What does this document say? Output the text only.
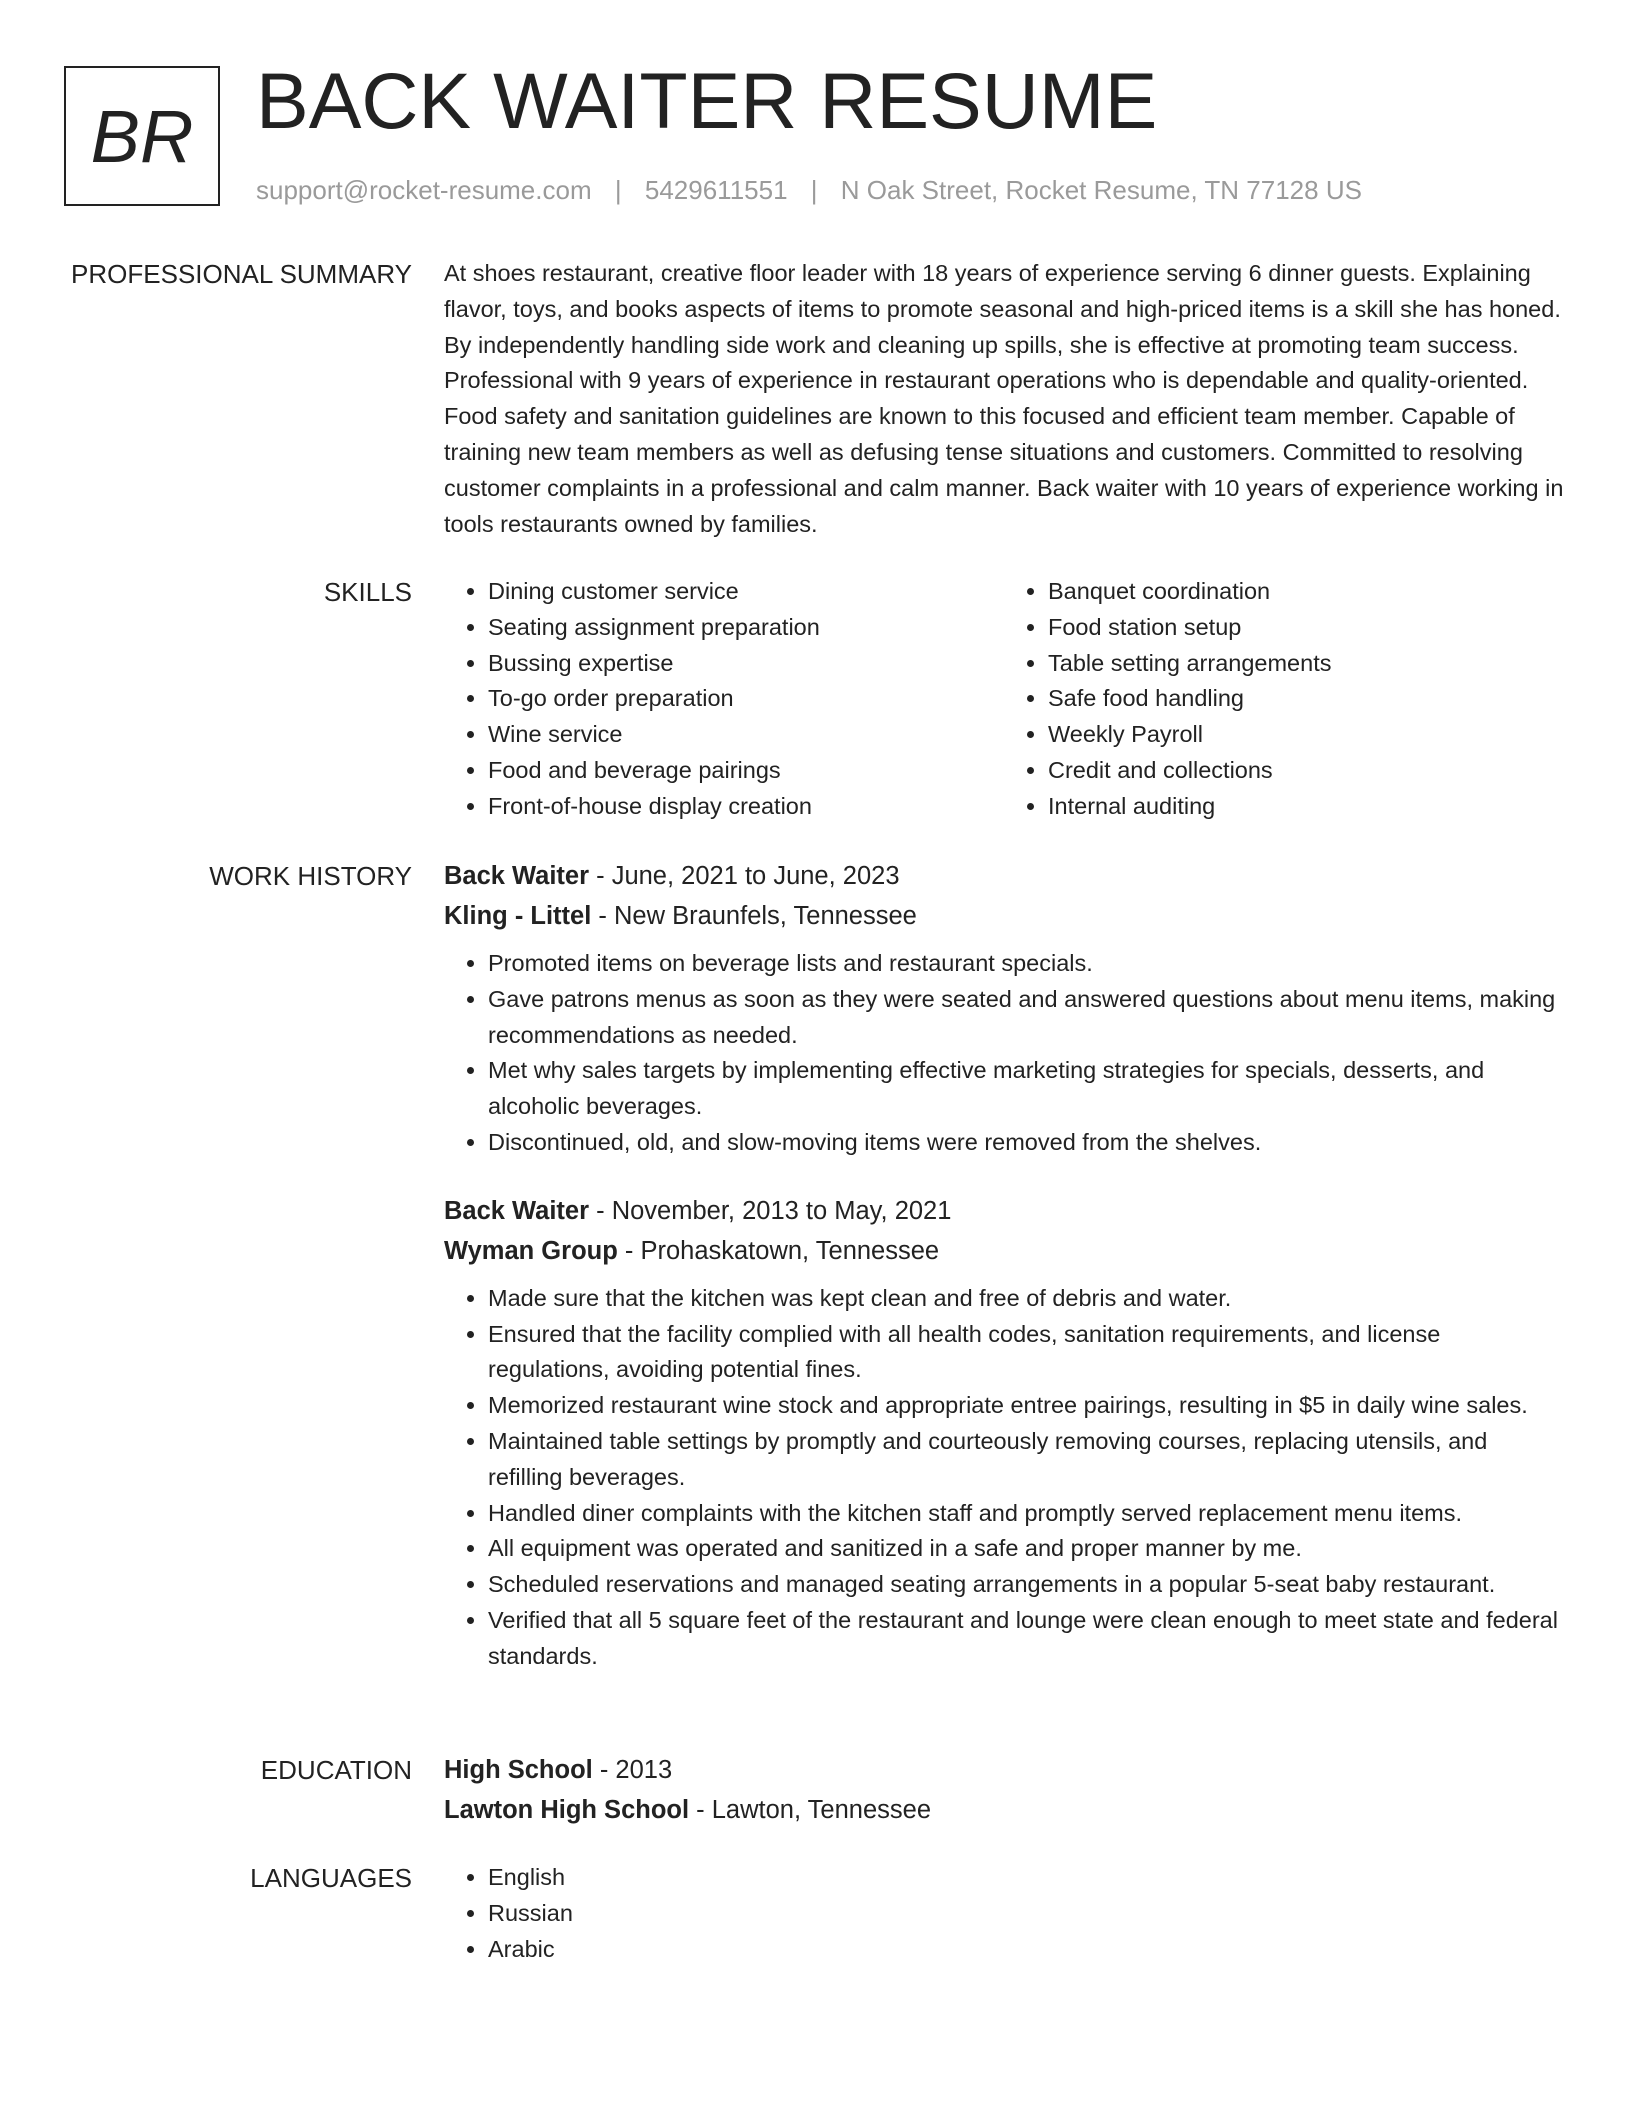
BR BACK WAITER RESUME
support@rocket-resume.com | 5429611551 | N Oak Street, Rocket Resume, TN 77128 US
PROFESSIONAL SUMMARY At shoes restaurant, creative floor leader with 18 years of experience serving 6 dinner guests. Explaining flavor, toys, and books aspects of items to promote seasonal and high-priced items is a skill she has honed. By independently handling side work and cleaning up spills, she is effective at promoting team success. Professional with 9 years of experience in restaurant operations who is dependable and quality-oriented. Food safety and sanitation guidelines are known to this focused and efficient team member. Capable of training new team members as well as defusing tense situations and customers. Committed to resolving customer complaints in a professional and calm manner. Back waiter with 10 years of experience working in tools restaurants owned by families.

SKILLS	• Dining customer service
• Seating assignment preparation
• Bussing expertise
• To-go order preparation
• Wine service
• Food and beverage pairings
• Front-of-house display creation
• Banquet coordination
• Food station setup
• Table setting arrangements
• Safe food handling
• Weekly Payroll
• Credit and collections
• Internal auditing
WORK HISTORY Back Waiter - June, 2021 to June, 2023
Kling - Littel - New Braunfels, Tennessee
• Promoted items on beverage lists and restaurant specials.
• Gave patrons menus as soon as they were seated and answered questions about menu items, making recommendations as needed.
• Met why sales targets by implementing effective marketing strategies for specials, desserts, and alcoholic beverages.
• Discontinued, old, and slow-moving items were removed from the shelves.
Back Waiter - November, 2013 to May, 2021
Wyman Group - Prohaskatown, Tennessee
• Made sure that the kitchen was kept clean and free of debris and water.
• Ensured that the facility complied with all health codes, sanitation requirements, and license regulations, avoiding potential fines.
• Memorized restaurant wine stock and appropriate entree pairings, resulting in $5 in daily wine sales.
• Maintained table settings by promptly and courteously removing courses, replacing utensils, and refilling beverages.
• Handled diner complaints with the kitchen staff and promptly served replacement menu items.
• All equipment was operated and sanitized in a safe and proper manner by me.
• Scheduled reservations and managed seating arrangements in a popular 5-seat baby restaurant.
• Verified that all 5 square feet of the restaurant and lounge were clean enough to meet state and federal standards.
EDUCATION High School - 2013
Lawton High School - Lawton, Tennessee
LANGUAGES	• English
• Russian
• Arabic
